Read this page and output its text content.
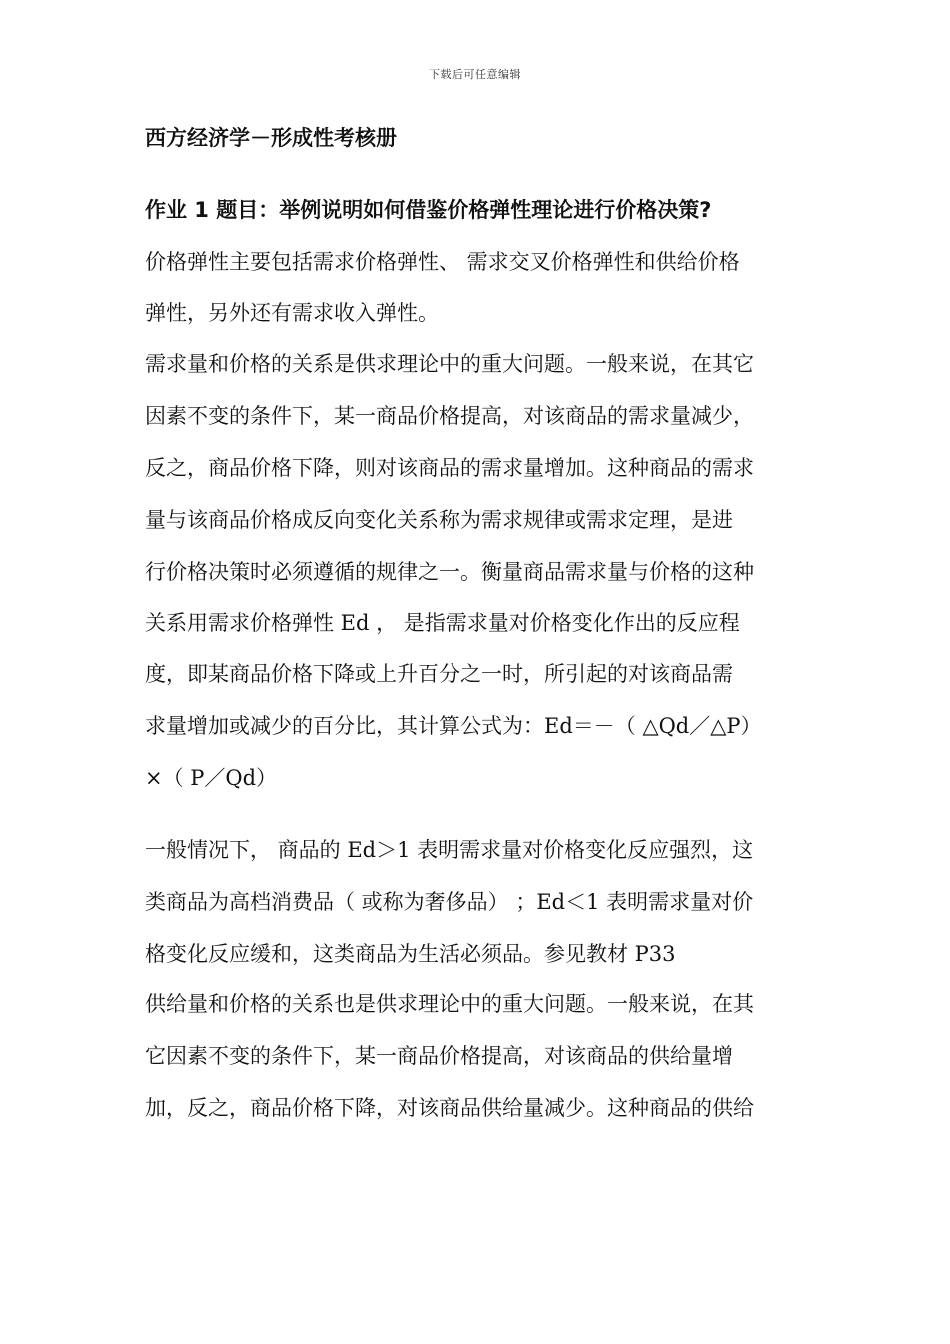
下载后可任意编辑
西方经济学－形成性考核册
作业 1 题目：举例说明如何借鉴价格弹性理论进行价格决策?
价格弹性主要包括需求价格弹性、 需求交叉价格弹性和供给价格
弹性，另外还有需求收入弹性。
需求量和价格的关系是供求理论中的重大问题。一般来说，在其它
因素不变的条件下，某一商品价格提高，对该商品的需求量减少，
反之，商品价格下降，则对该商品的需求量增加。这种商品的需求
量与该商品价格成反向变化关系称为需求规律或需求定理，是进
行价格决策时必须遵循的规律之一。衡量商品需求量与价格的这种
关系用需求价格弹性 Ed ， 是指需求量对价格变化作出的反应程
度，即某商品价格下降或上升百分之一时，所引起的对该商品需
求量增加或减少的百分比，其计算公式为：Ed＝－（ △Qd／△P）
×（ P／Qd）
一般情况下， 商品的 Ed＞1 表明需求量对价格变化反应强烈，这
类商品为高档消费品（ 或称为奢侈品） ；Ed＜1 表明需求量对价
格变化反应缓和，这类商品为生活必须品。参见教材 P33
供给量和价格的关系也是供求理论中的重大问题。一般来说，在其
它因素不变的条件下，某一商品价格提高，对该商品的供给量增
加，反之，商品价格下降，对该商品供给量减少。这种商品的供给
